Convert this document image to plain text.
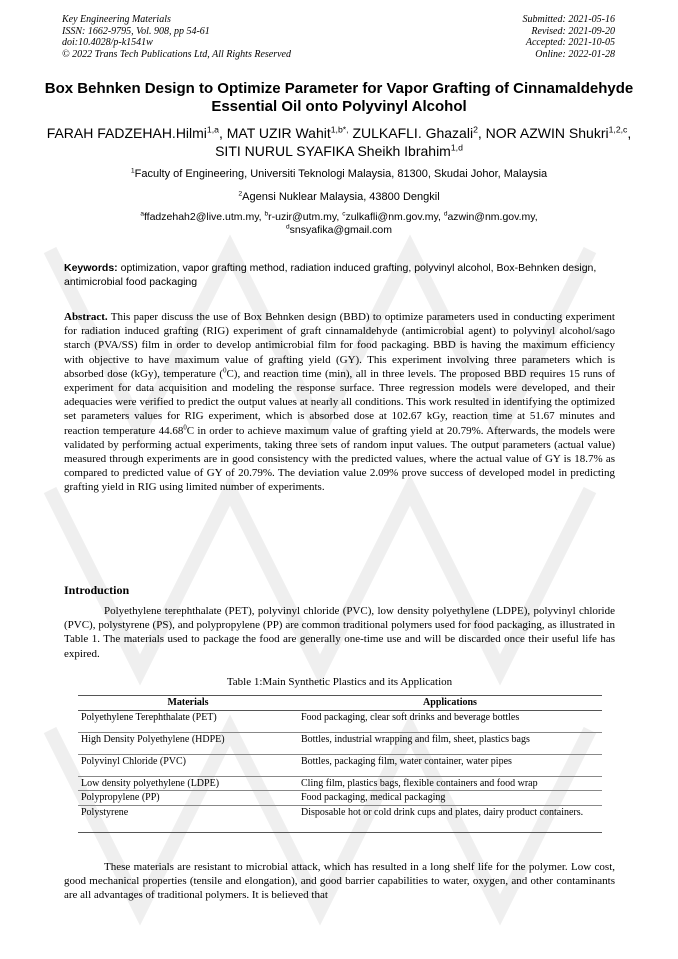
Key Engineering Materials
ISSN: 1662-9795, Vol. 908, pp 54-61
doi:10.4028/p-k1541w
© 2022 Trans Tech Publications Ltd, All Rights Reserved
Submitted: 2021-05-16
Revised: 2021-09-20
Accepted: 2021-10-05
Online: 2022-01-28
Box Behnken Design to Optimize Parameter for Vapor Grafting of Cinnamaldehyde Essential Oil onto Polyvinyl Alcohol
FARAH FADZEHAH.Hilmi$^{1,a}$, MAT UZIR Wahit$^{1,b*,}$ ZULKAFLI. Ghazali$^2$, NOR AZWIN Shukri$^{1,2,c}$, SITI NURUL SYAFIKA Sheikh Ibrahim$^{1,d}$
$^1$Faculty of Engineering, Universiti Teknologi Malaysia, 81300, Skudai Johor, Malaysia
$^2$Agensi Nuklear Malaysia, 43800 Dengkil
$^a$ffadzehah2@live.utm.my, $^b$r-uzir@utm.my, $^c$zulkafli@nm.gov.my, $^d$azwin@nm.gov.my,
$^d$snsyafika@gmail.com
Keywords: optimization, vapor grafting method, radiation induced grafting, polyvinyl alcohol, Box-Behnken design, antimicrobial food packaging
Abstract. This paper discuss the use of Box Behnken design (BBD) to optimize parameters used in conducting experiment for radiation induced grafting (RIG) experiment of graft cinnamaldehyde (antimicrobial agent) to polyvinyl alcohol/sago starch (PVA/SS) film in order to develop antimicrobial film for food packaging. BBD is having the maximum efficiency with objective to have maximum value of grafting yield (GY). This experiment involving three parameters which is absorbed dose (kGy), temperature ($^0$C), and reaction time (min), all in three levels. The proposed BBD requires 15 runs of experiment for data acquisition and modeling the response surface. Three regression models were developed, and their adequacies were verified to predict the output values at nearly all conditions. This work resulted in identifying the optimized set parameters values for RIG experiment, which is absorbed dose at 102.67 kGy, reaction time at 51.67 minutes and reaction temperature 44.68$^0$C in order to achieve maximum value of grafting yield at 20.79%. Afterwards, the models were validated by performing actual experiments, taking three sets of random input values. The output parameters (actual value) measured through experiments are in good consistency with the predicted values, where the actual value of GY is 18.7% as compared to predicted value of GY of 20.79%. The deviation value 2.09% prove success of developed model in predicting grafting yield in RIG using limited number of experiments.
Introduction
Polyethylene terephthalate (PET), polyvinyl chloride (PVC), low density polyethylene (LDPE), polyvinyl chloride (PVC), polystyrene (PS), and polypropylene (PP) are common traditional polymers used for food packaging, as illustrated in Table 1. The materials used to package the food are generally one-time use and will be discarded once their useful life has expired.
Table 1:Main Synthetic Plastics and its Application
Materials	Applications
Polyethylene Terephthalate (PET)	Food packaging, clear soft drinks and beverage bottles
High Density Polyethylene (HDPE)	Bottles, industrial wrapping and film, sheet, plastics bags
Polyvinyl Chloride (PVC)	Bottles, packaging film, water container, water pipes
Low density polyethylene (LDPE)	Cling film, plastics bags, flexible containers and food wrap
Polypropylene (PP)	Food packaging, medical packaging
Polystyrene	Disposable hot or cold drink cups and plates, dairy product containers.
These materials are resistant to microbial attack, which has resulted in a long shelf life for the polymer. Low cost, good mechanical properties (tensile and elongation), and good barrier capabilities to water, oxygen, and other contaminants are all advantages of traditional polymers. It is believed that
